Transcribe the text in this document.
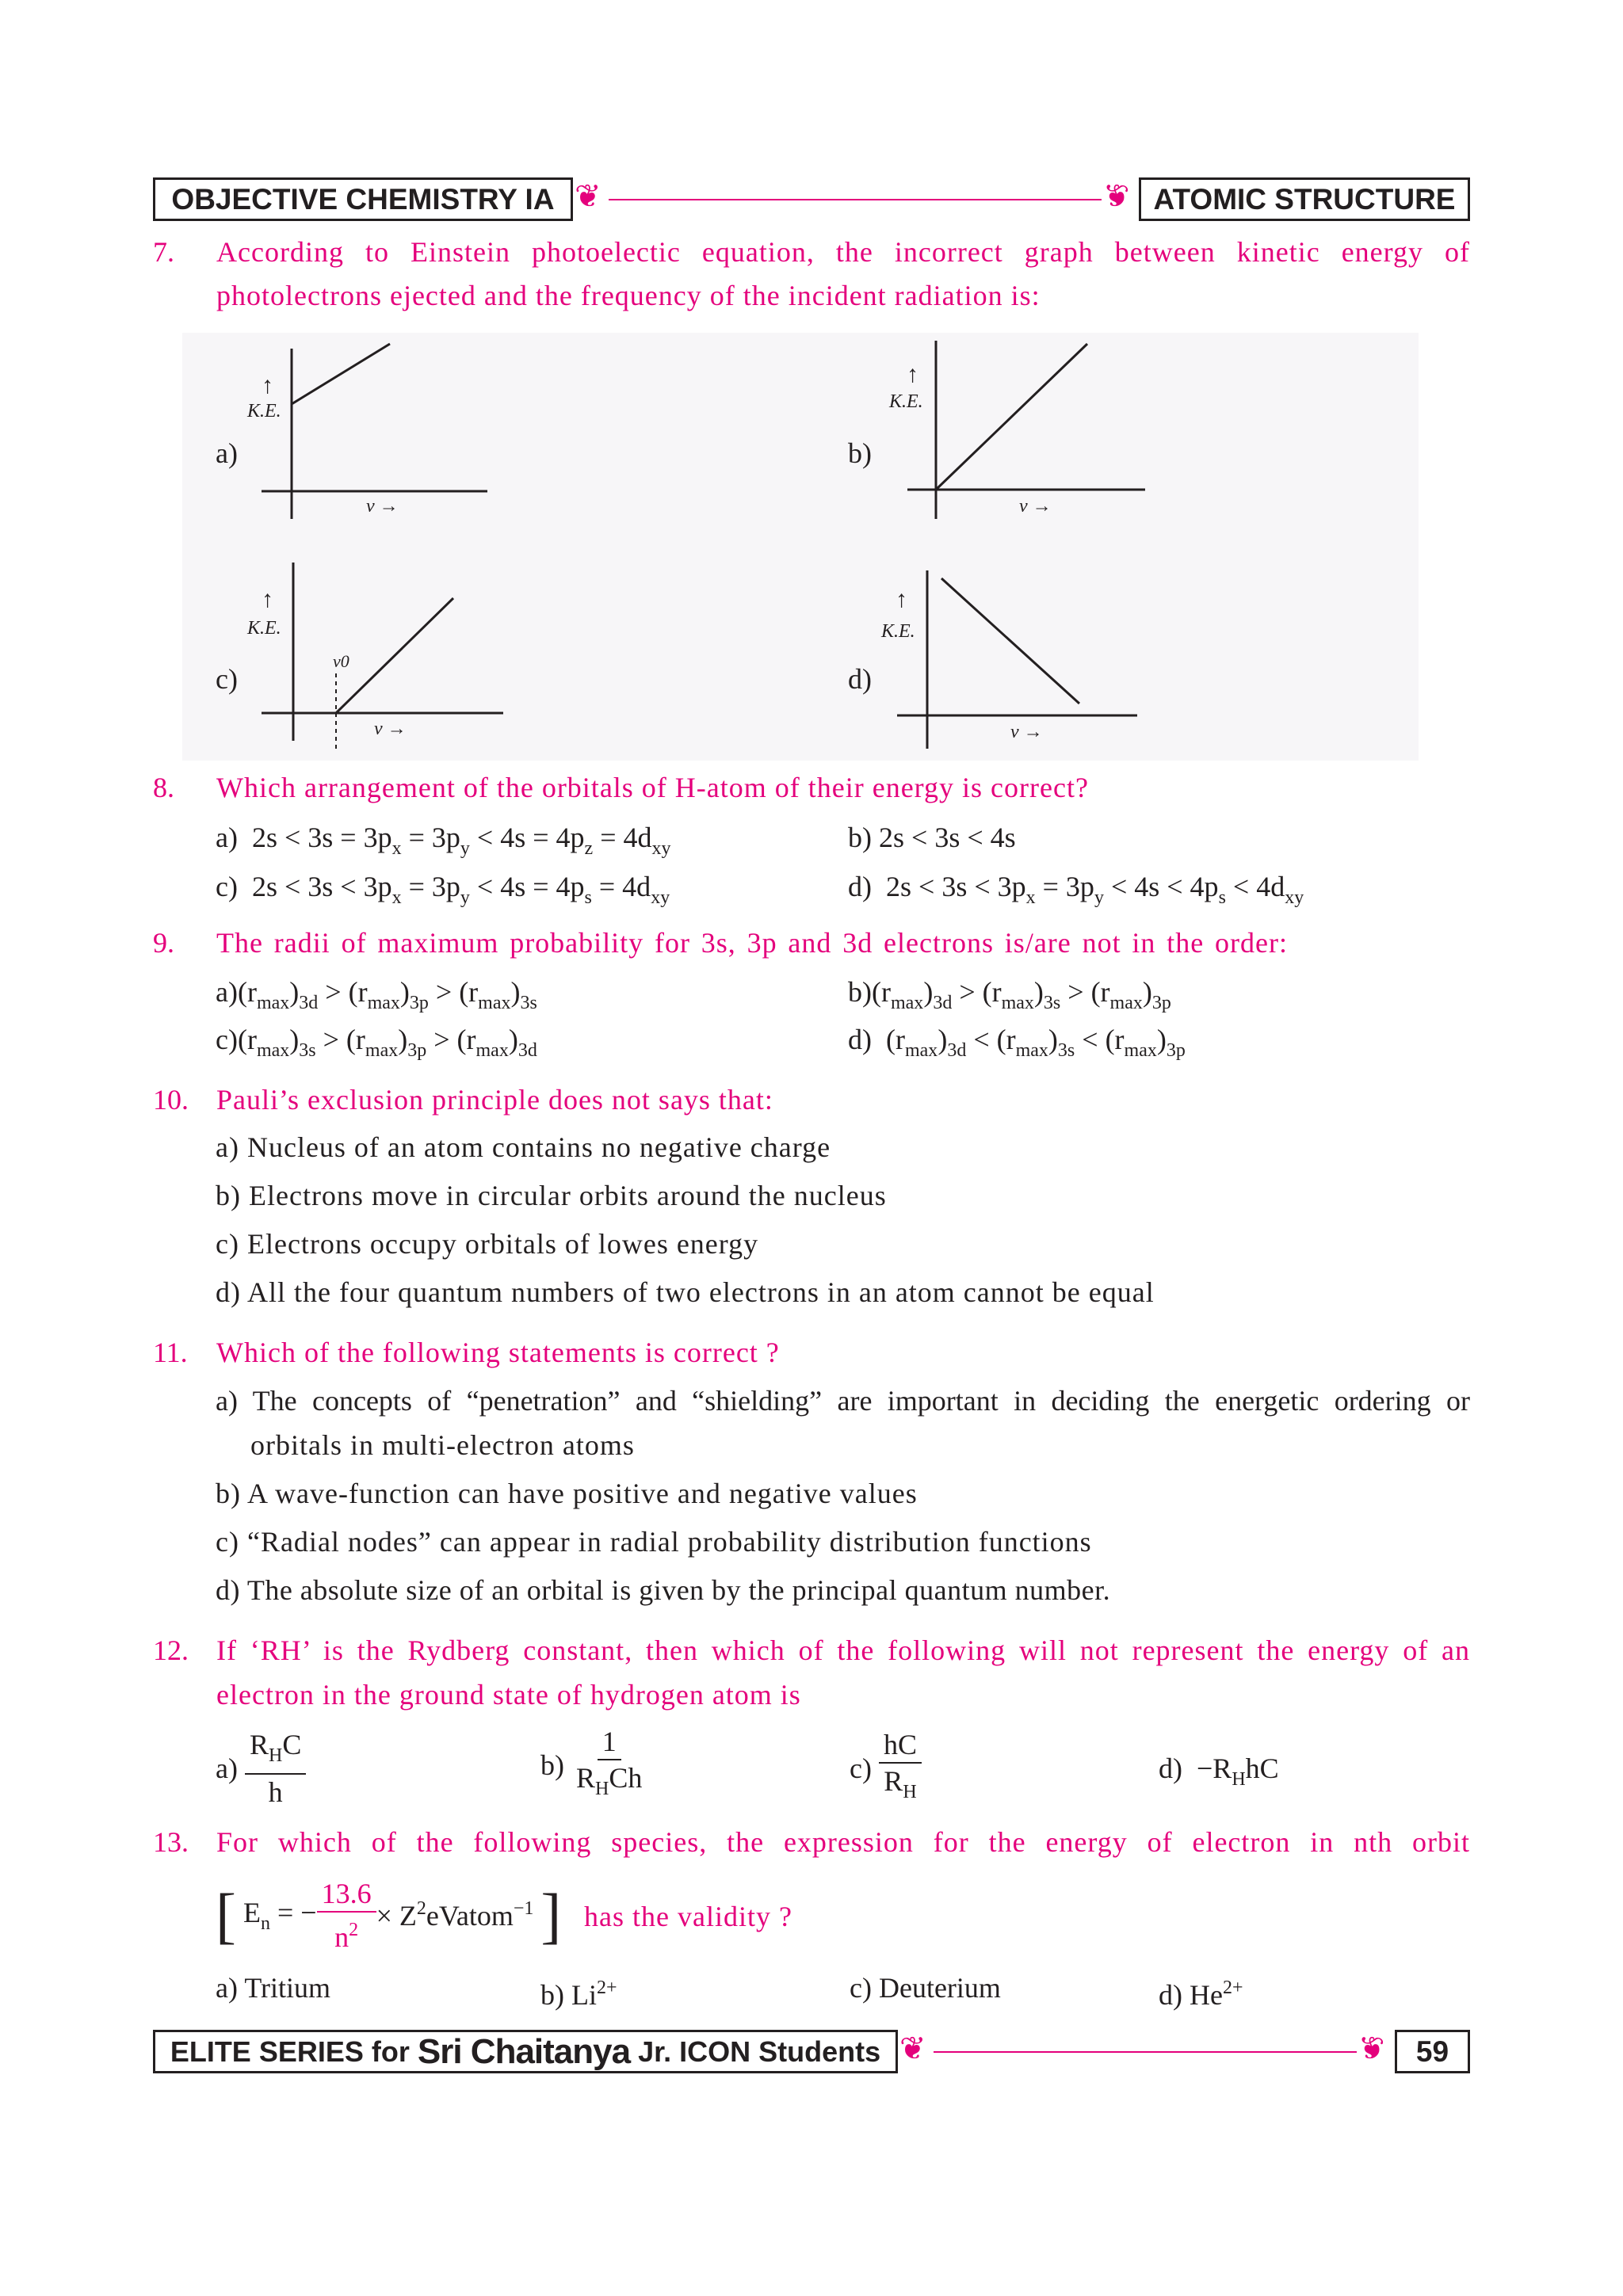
OBJECTIVE CHEMISTRY IA ❦	❦ ATOMIC STRUCTURE
7. According to Einstein photoelectic equation, the incorrect graph between kinetic energy of
photolectrons ejected and the frequency of the incident radiation is:
a)
↑
K.E.
v →
b)
↑
K.E.
v →
c)
↑
K.E.
v0
v →
d)
↑
K.E.
v →
8. Which arrangement of the orbitals of H-atom of their energy is correct?
a)  $2s < 3s = 3p_x = 3p_y < 4s = 4p_z = 4d_{xy}$	b) 2s < 3s < 4s
c)  $2s < 3s < 3p_x = 3p_y < 4s = 4p_s = 4d_{xy}$	d)  $2s < 3s < 3p_x = 3p_y < 4s < 4p_s < 4d_{xy}$
9. The radii of maximum probability for 3s, 3p and 3d electrons is/are not in the order:
$a)(r_{max})_{3d} > (r_{max})_{3p} > (r_{max})_{3s}$	$b)(r_{max})_{3d} > (r_{max})_{3s} > (r_{max})_{3p}$
$c)(r_{max})_{3s} > (r_{max})_{3p} > (r_{max})_{3d}$	d)  $(r_{max})_{3d} < (r_{max})_{3s} < (r_{max})_{3p}$
10. Pauli’s exclusion principle does not says that:
a) Nucleus of an atom contains no negative charge
b) Electrons move in circular orbits around the nucleus
c) Electrons occupy orbitals of lowes energy
d) All the four quantum numbers of two electrons in an atom cannot be equal
11. Which of the following statements is correct ?
a) The concepts of “penetration” and “shielding” are important in deciding the energetic ordering or
orbitals in multi-electron atoms
b) A wave-function can have positive and negative values
c) “Radial nodes” can appear in radial probability distribution functions
d) The absolute size of an orbital is given by the principal quantum number.
12. If ‘RH’ is the Rydberg constant, then which of the following will not represent the energy of an
electron in the ground state of hydrogen atom is
a)
$\frac{R_HC}{h}$	b)
$\frac{1}{R_HCh}$	c)
$\frac{hC}{R_H}$	$d) -R_HhC$
13. For which of the following species, the expression for the energy of electron in nth orbit
[ $E_n$ = − $\frac{13.6}{n^2}$ × $Z^2eVatom^{-1}$ ] has the validity ?
a) Tritium	b) $Li^{2+}$	c) Deuterium	d) $He^{2+}$
ELITE SERIES for
Sri Chaitanya
Jr. ICON Students ❦	❦ 59
